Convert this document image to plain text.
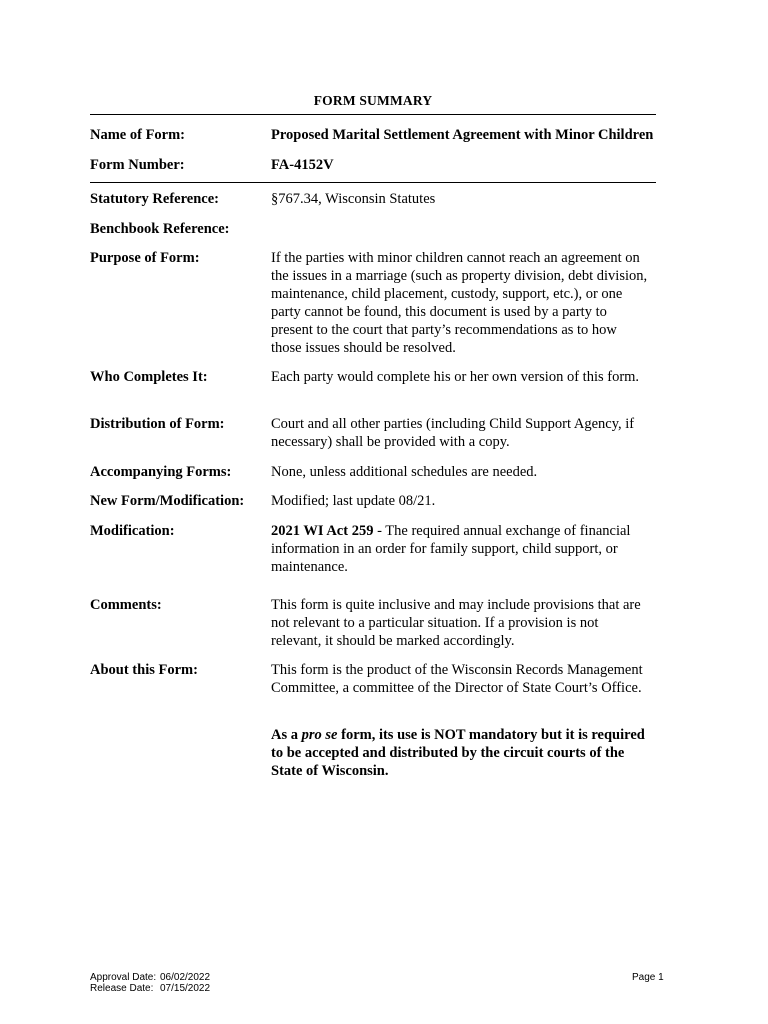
FORM SUMMARY
Name of Form:	Proposed Marital Settlement Agreement with Minor Children
Form Number:	FA-4152V
Statutory Reference:	§767.34, Wisconsin Statutes
Benchbook Reference:
Purpose of Form:	If the parties with minor children cannot reach an agreement on the issues in a marriage (such as property division, debt division, maintenance, child placement, custody, support, etc.), or one party cannot be found, this document is used by a party to present to the court that party’s recommendations as to how those issues should be resolved.
Who Completes It:	Each party would complete his or her own version of this form.
Distribution of Form:	Court and all other parties (including Child Support Agency, if necessary) shall be provided with a copy.
Accompanying Forms:	None, unless additional schedules are needed.
New Form/Modification:	Modified; last update 08/21.
Modification:	2021 WI Act 259 - The required annual exchange of financial information in an order for family support, child support, or maintenance.
Comments:	This form is quite inclusive and may include provisions that are not relevant to a particular situation. If a provision is not relevant, it should be marked accordingly.
About this Form:	This form is the product of the Wisconsin Records Management Committee, a committee of the Director of State Court’s Office.
As a pro se form, its use is NOT mandatory but it is required to be accepted and distributed by the circuit courts of the State of Wisconsin.
Approval Date: 06/02/2022
Release Date: 07/15/2022
Page 1
